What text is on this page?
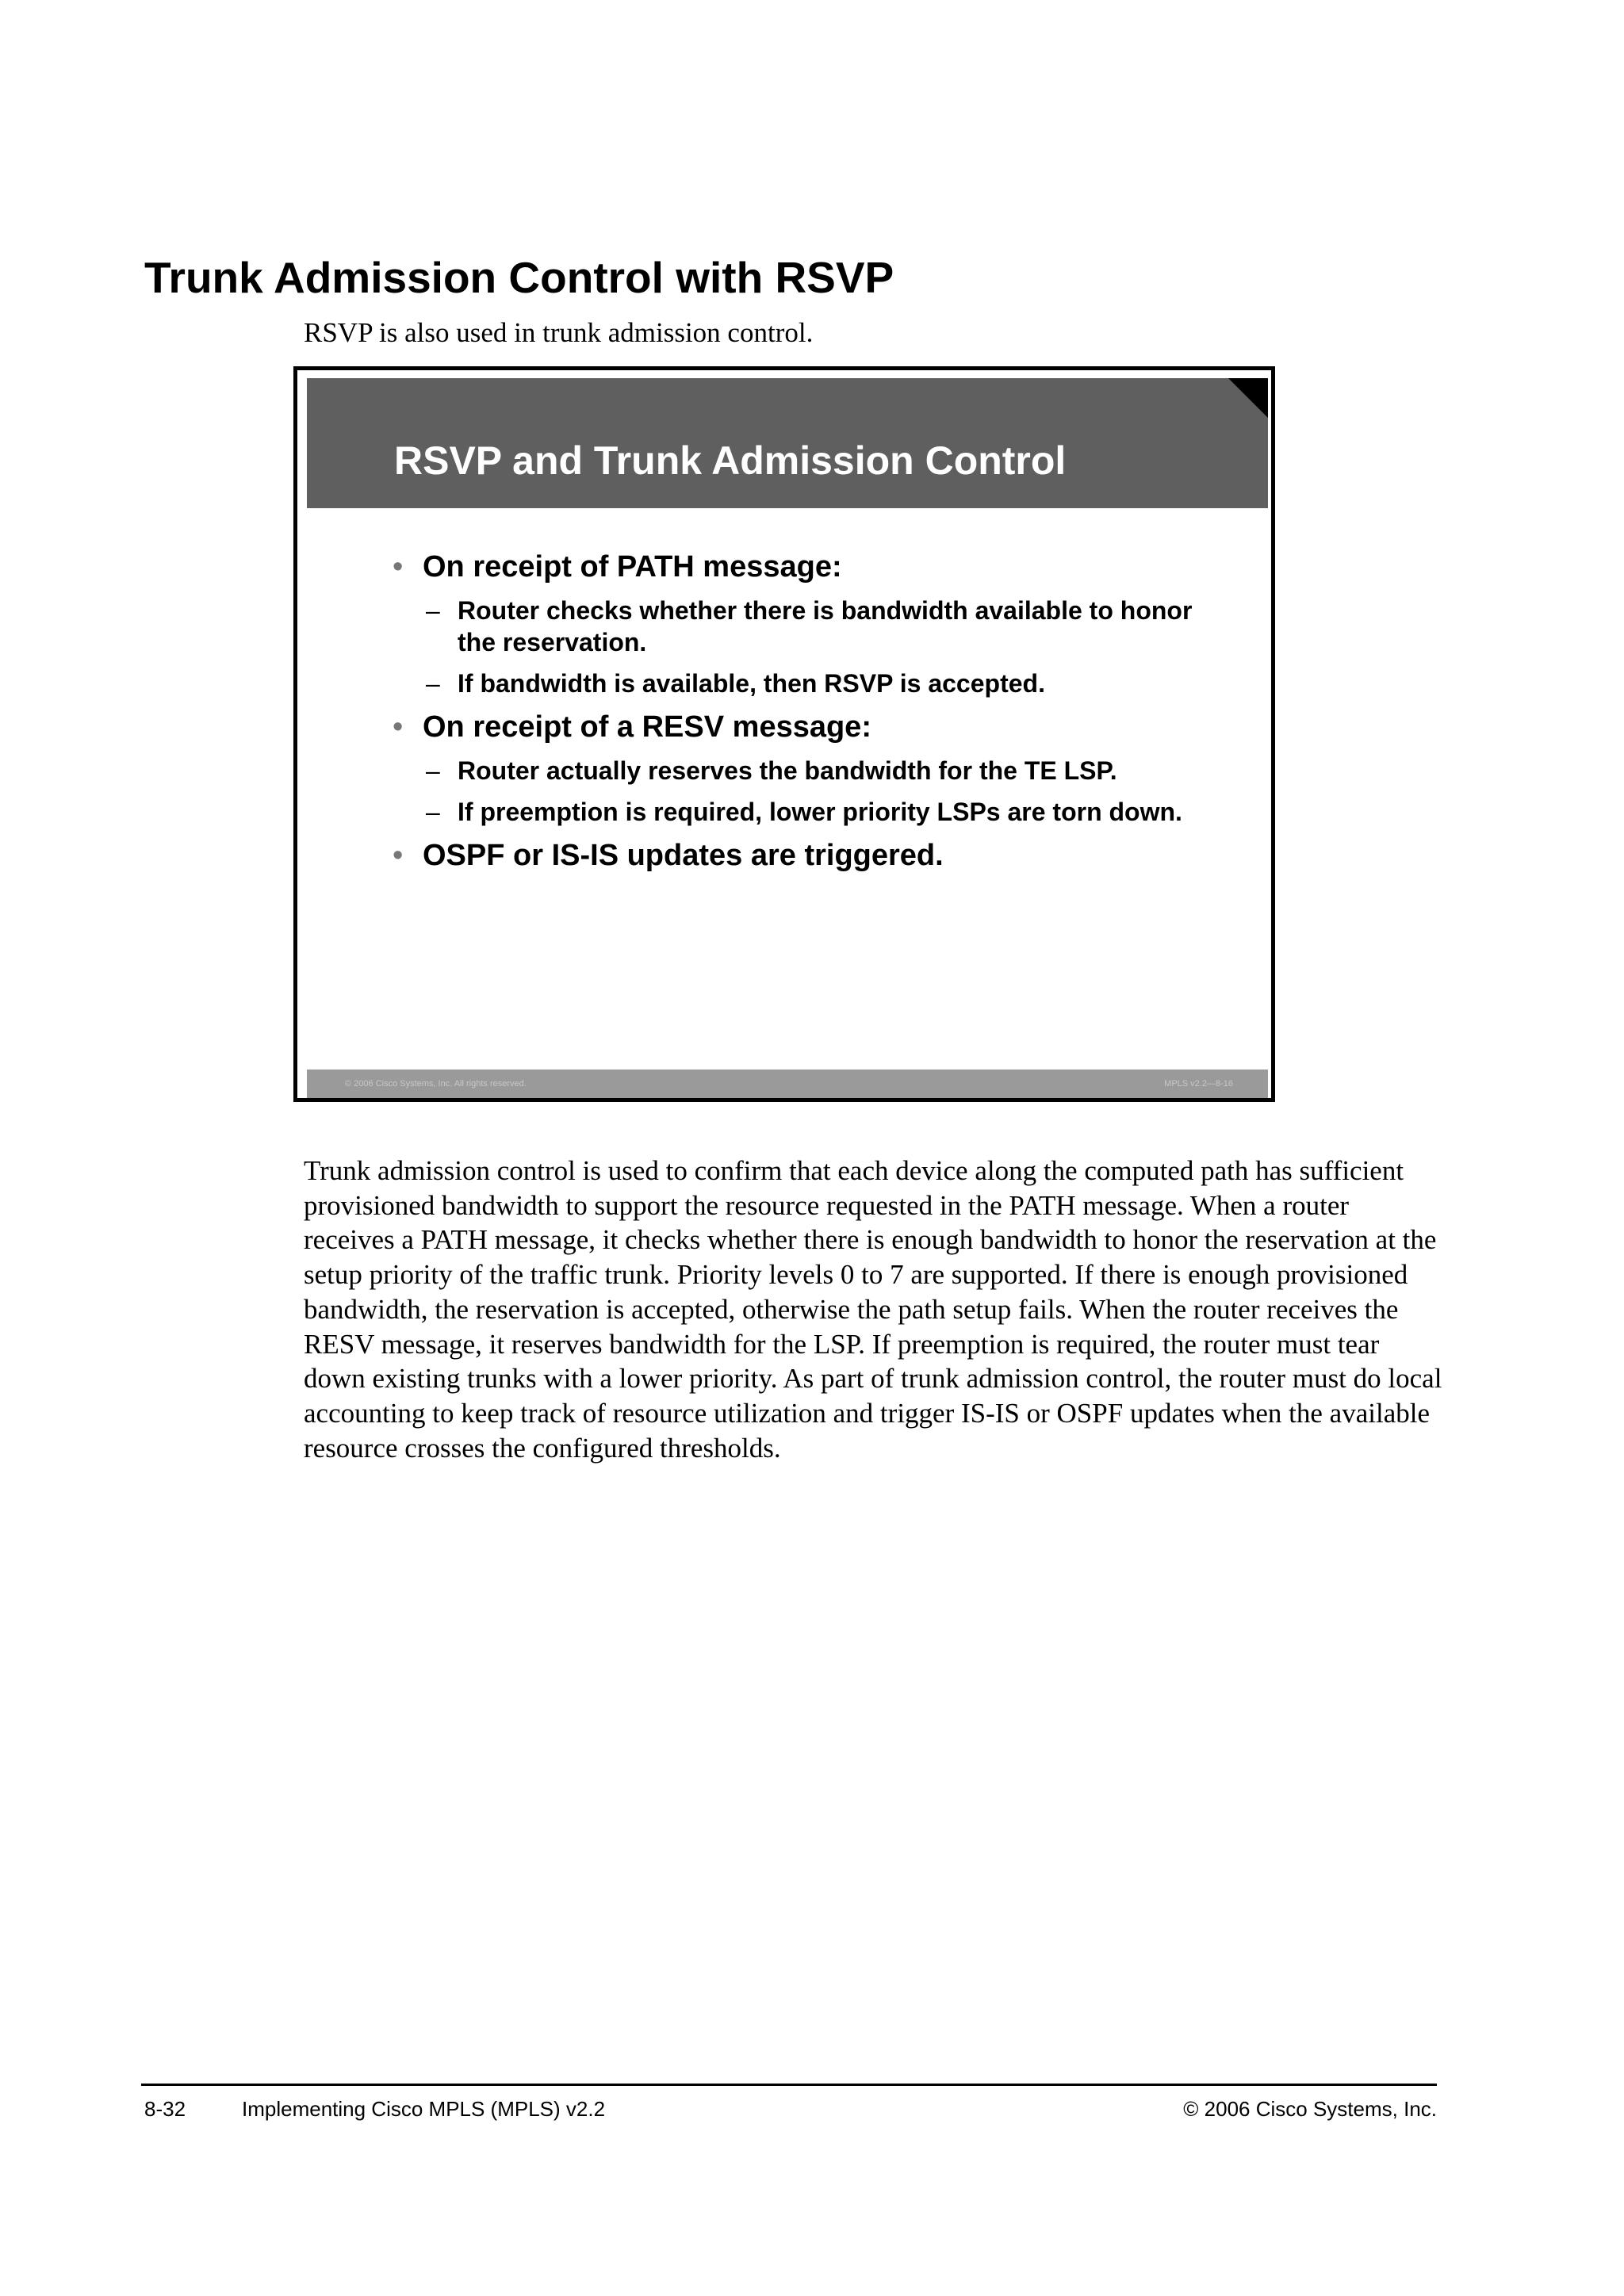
Trunk Admission Control with RSVP

RSVP is also used in trunk admission control.

RSVP and Trunk Admission Control
• On receipt of PATH message:
– Router checks whether there is bandwidth available to honor the reservation.
– If bandwidth is available, then RSVP is accepted.
• On receipt of a RESV message:
– Router actually reserves the bandwidth for the TE LSP.
– If preemption is required, lower priority LSPs are torn down.
• OSPF or IS-IS updates are triggered.
© 2006 Cisco Systems, Inc. All rights reserved.	MPLS v2.2—8-16

Trunk admission control is used to confirm that each device along the computed path has sufficient provisioned bandwidth to support the resource requested in the PATH message. When a router receives a PATH message, it checks whether there is enough bandwidth to honor the reservation at the setup priority of the traffic trunk. Priority levels 0 to 7 are supported. If there is enough provisioned bandwidth, the reservation is accepted, otherwise the path setup fails. When the router receives the RESV message, it reserves bandwidth for the LSP. If preemption is required, the router must tear down existing trunks with a lower priority. As part of trunk admission control, the router must do local accounting to keep track of resource utilization and trigger IS-IS or OSPF updates when the available resource crosses the configured thresholds.

8-32	Implementing Cisco MPLS (MPLS) v2.2	© 2006 Cisco Systems, Inc.
